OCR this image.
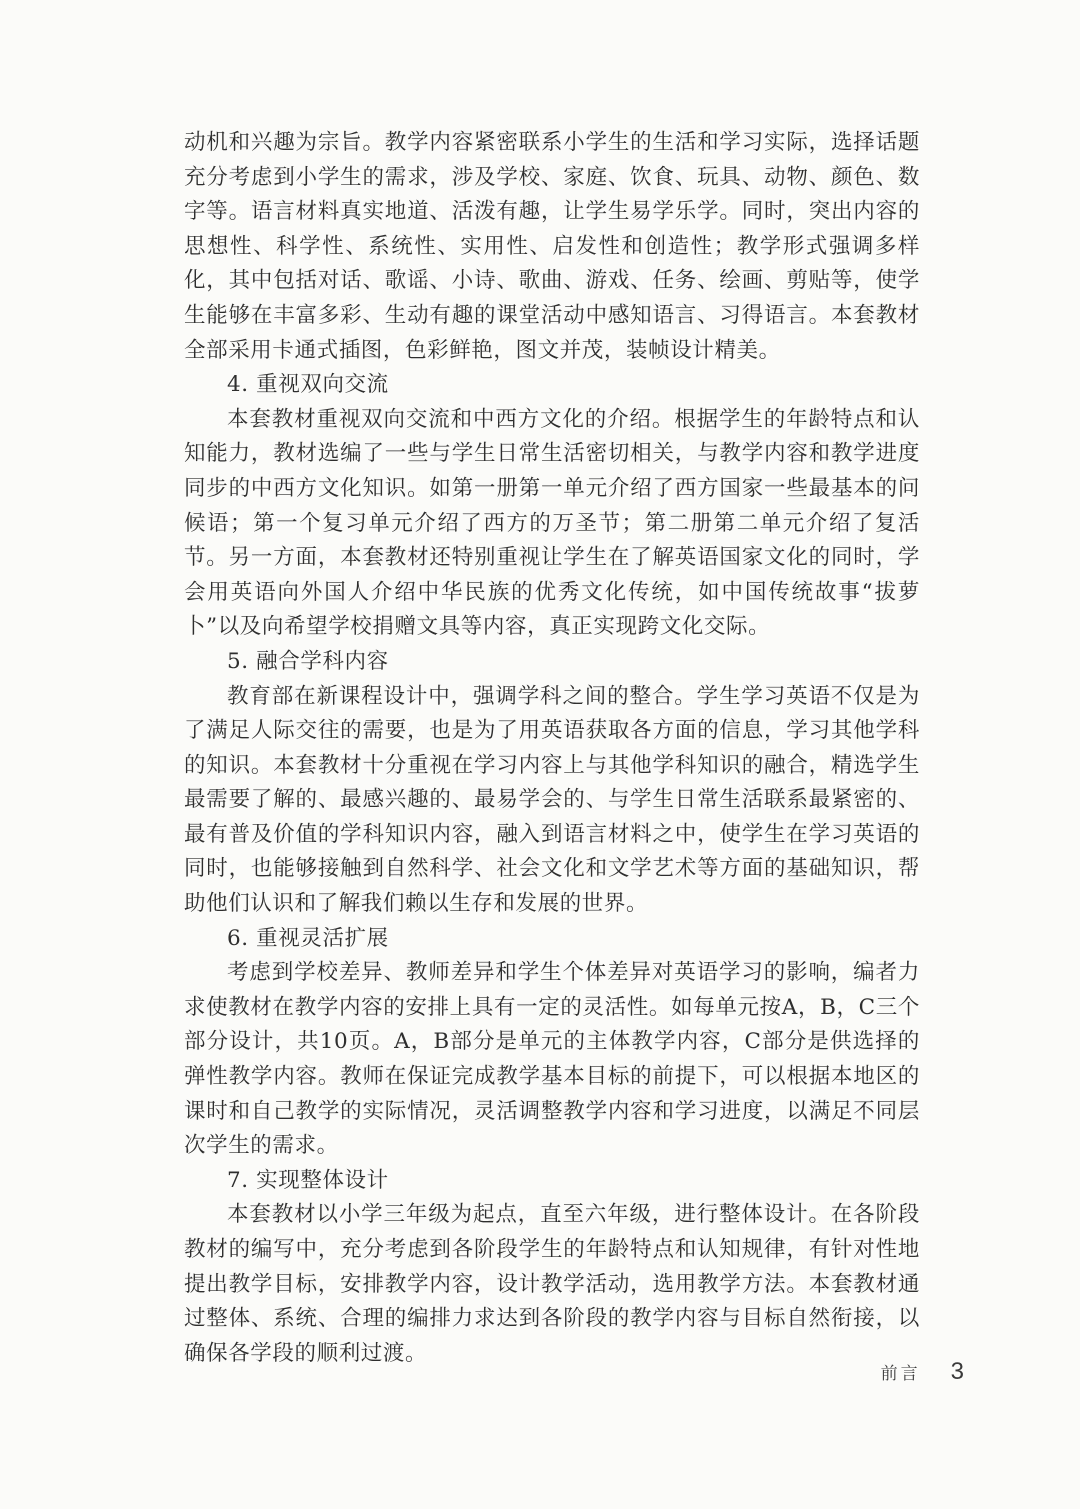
动机和兴趣为宗旨。教学内容紧密联系小学生的生活和学习实际，选择话题充分考虑到小学生的需求，涉及学校、家庭、饮食、玩具、动物、颜色、数字等。语言材料真实地道、活泼有趣，让学生易学乐学。同时，突出内容的思想性、科学性、系统性、实用性、启发性和创造性；教学形式强调多样化，其中包括对话、歌谣、小诗、歌曲、游戏、任务、绘画、剪贴等，使学生能够在丰富多彩、生动有趣的课堂活动中感知语言、习得语言。本套教材全部采用卡通式插图，色彩鲜艳，图文并茂，装帧设计精美。

4. 重视双向交流

本套教材重视双向交流和中西方文化的介绍。根据学生的年龄特点和认知能力，教材选编了一些与学生日常生活密切相关，与教学内容和教学进度同步的中西方文化知识。如第一册第一单元介绍了西方国家一些最基本的问候语；第一个复习单元介绍了西方的万圣节；第二册第二单元介绍了复活节。另一方面，本套教材还特别重视让学生在了解英语国家文化的同时，学会用英语向外国人介绍中华民族的优秀文化传统，如中国传统故事“拔萝卜”以及向希望学校捐赠文具等内容，真正实现跨文化交际。

5. 融合学科内容

教育部在新课程设计中，强调学科之间的整合。学生学习英语不仅是为了满足人际交往的需要，也是为了用英语获取各方面的信息，学习其他学科的知识。本套教材十分重视在学习内容上与其他学科知识的融合，精选学生最需要了解的、最感兴趣的、最易学会的、与学生日常生活联系最紧密的、最有普及价值的学科知识内容，融入到语言材料之中，使学生在学习英语的同时，也能够接触到自然科学、社会文化和文学艺术等方面的基础知识，帮助他们认识和了解我们赖以生存和发展的世界。

6. 重视灵活扩展

考虑到学校差异、教师差异和学生个体差异对英语学习的影响，编者力求使教材在教学内容的安排上具有一定的灵活性。如每单元按A，B，C三个部分设计，共10页。A，B部分是单元的主体教学内容，C部分是供选择的弹性教学内容。教师在保证完成教学基本目标的前提下，可以根据本地区的课时和自己教学的实际情况，灵活调整教学内容和学习进度，以满足不同层次学生的需求。

7. 实现整体设计

本套教材以小学三年级为起点，直至六年级，进行整体设计。在各阶段教材的编写中，充分考虑到各阶段学生的年龄特点和认知规律，有针对性地提出教学目标，安排教学内容，设计教学活动，选用教学方法。本套教材通过整体、系统、合理的编排力求达到各阶段的教学内容与目标自然衔接，以确保各学段的顺利过渡。

前言 3
